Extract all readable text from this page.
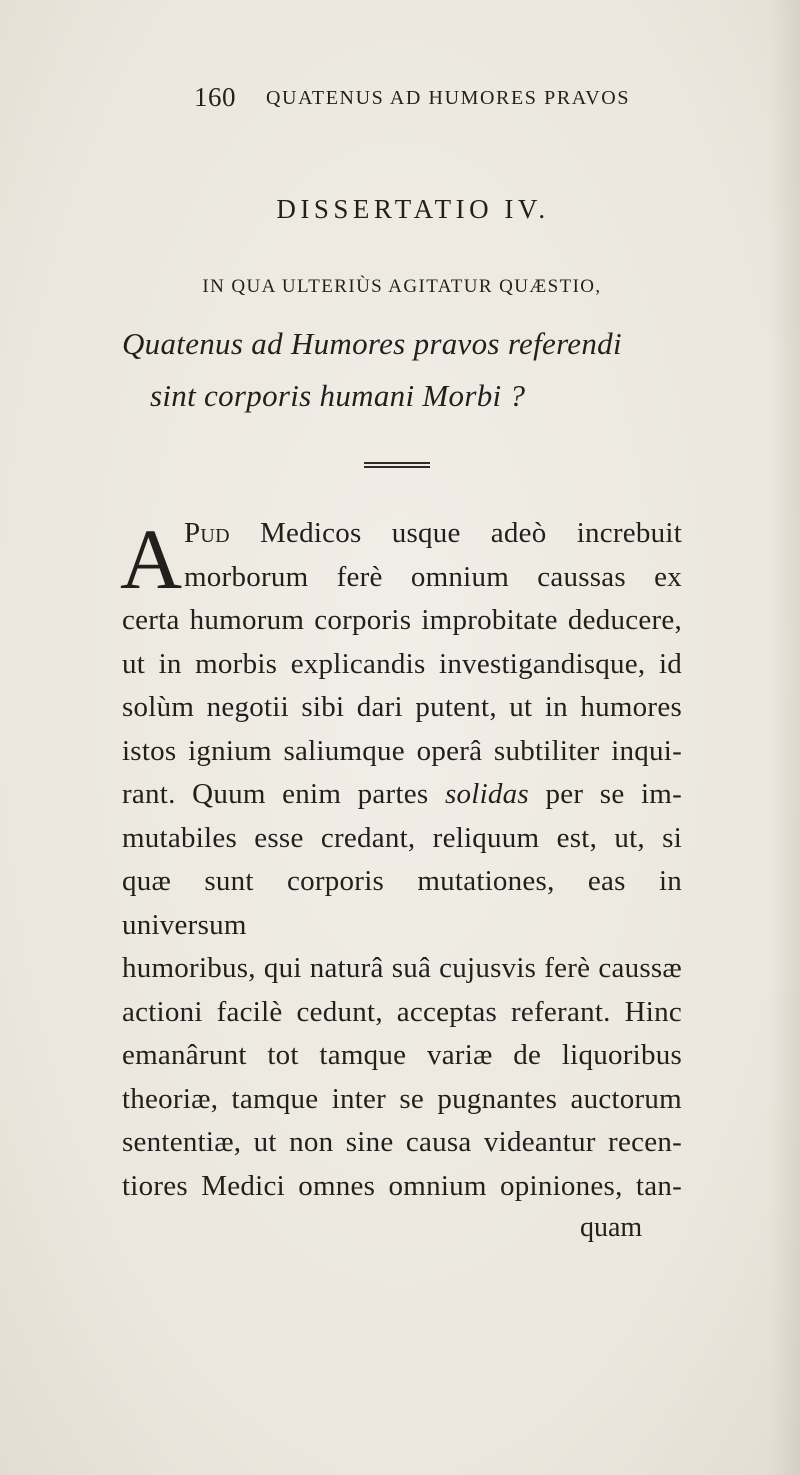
160 QUATENUS AD HUMORES PRAVOS
DISSERTATIO IV.
IN QUA ULTERIÙS AGITATUR QUÆSTIO,
Quatenus ad Humores pravos referendi
sint corporis humani Morbi ?
A Pud Medicos usque adeò increbuit
morborum ferè omnium caussas ex
certa humorum corporis improbitate deducere,
ut in morbis explicandis investigandisque, id
solùm negotii sibi dari putent, ut in humores
istos ignium saliumque operâ subtiliter inqui-
rant. Quum enim partes solidas per se im-
mutabiles esse credant, reliquum est, ut, si
quæ sunt corporis mutationes, eas in universum
humoribus, qui naturâ suâ cujusvis ferè caussæ
actioni facilè cedunt, acceptas referant. Hinc
emanârunt tot tamque variæ de liquoribus
theoriæ, tamque inter se pugnantes auctorum
sententiæ, ut non sine causa videantur recen-
tiores Medici omnes omnium opiniones, tan-
quam
